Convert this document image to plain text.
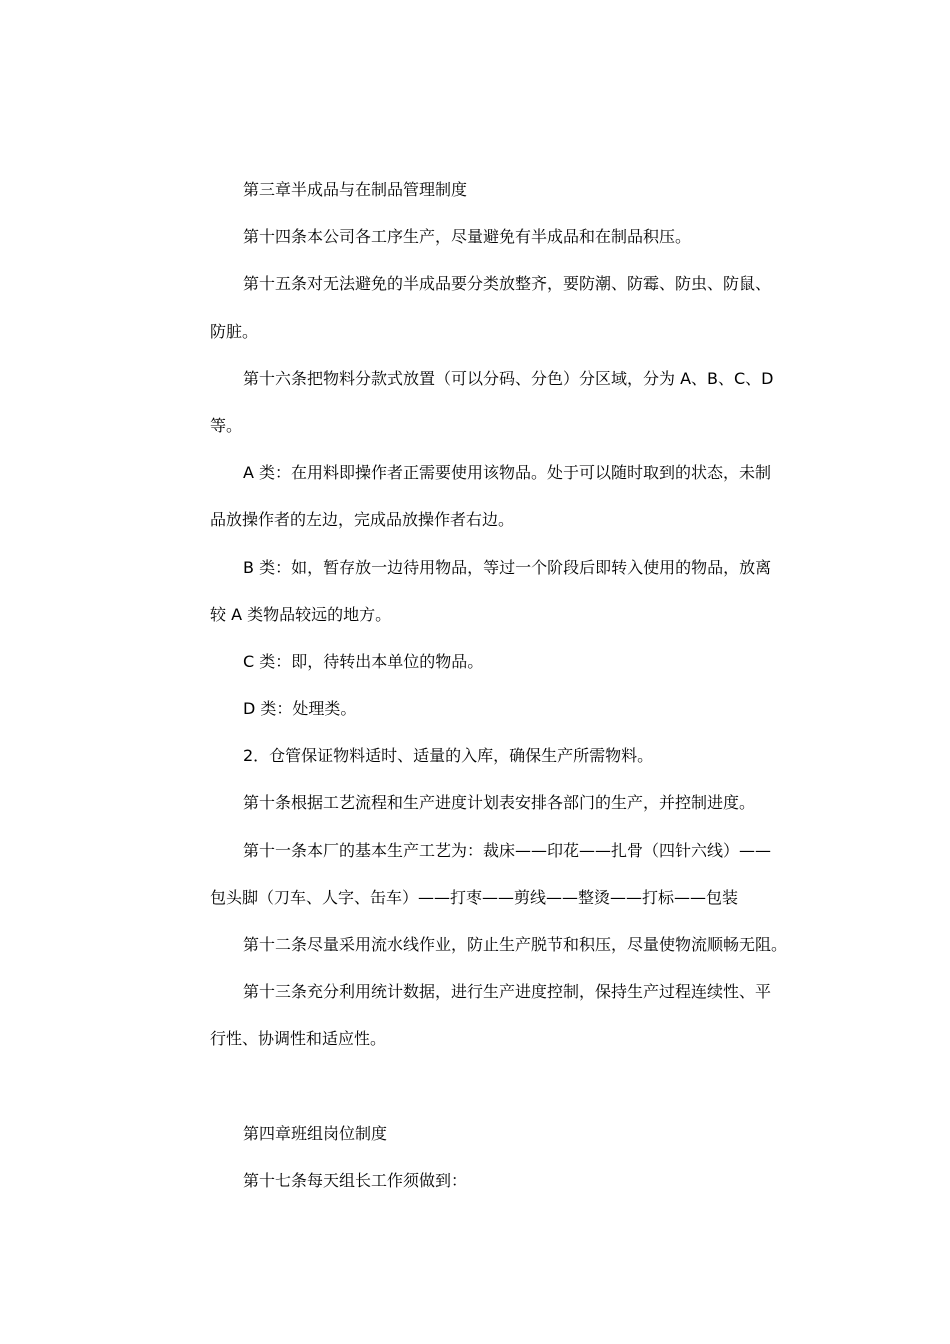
第三章半成品与在制品管理制度

第十四条本公司各工序生产，尽量避免有半成品和在制品积压。

第十五条对无法避免的半成品要分类放整齐，要防潮、防霉、防虫、防鼠、

防脏。

第十六条把物料分款式放置（可以分码、分色）分区域，分为 A、B、C、D

等。

A 类：在用料即操作者正需要使用该物品。处于可以随时取到的状态，未制

品放操作者的左边，完成品放操作者右边。

B 类：如，暂存放一边待用物品，等过一个阶段后即转入使用的物品，放离

较 A 类物品较远的地方。

C 类：即，待转出本单位的物品。

D 类：处理类。

2．仓管保证物料适时、适量的入库，确保生产所需物料。

第十条根据工艺流程和生产进度计划表安排各部门的生产，并控制进度。

第十一条本厂的基本生产工艺为：裁床——印花——扎骨（四针六线）——

包头脚（刀车、人字、缶车）——打枣——剪线——整烫——打标——包装

第十二条尽量采用流水线作业，防止生产脱节和积压，尽量使物流顺畅无阻。

第十三条充分利用统计数据，进行生产进度控制，保持生产过程连续性、平

行性、协调性和适应性。

第四章班组岗位制度

第十七条每天组长工作须做到：
